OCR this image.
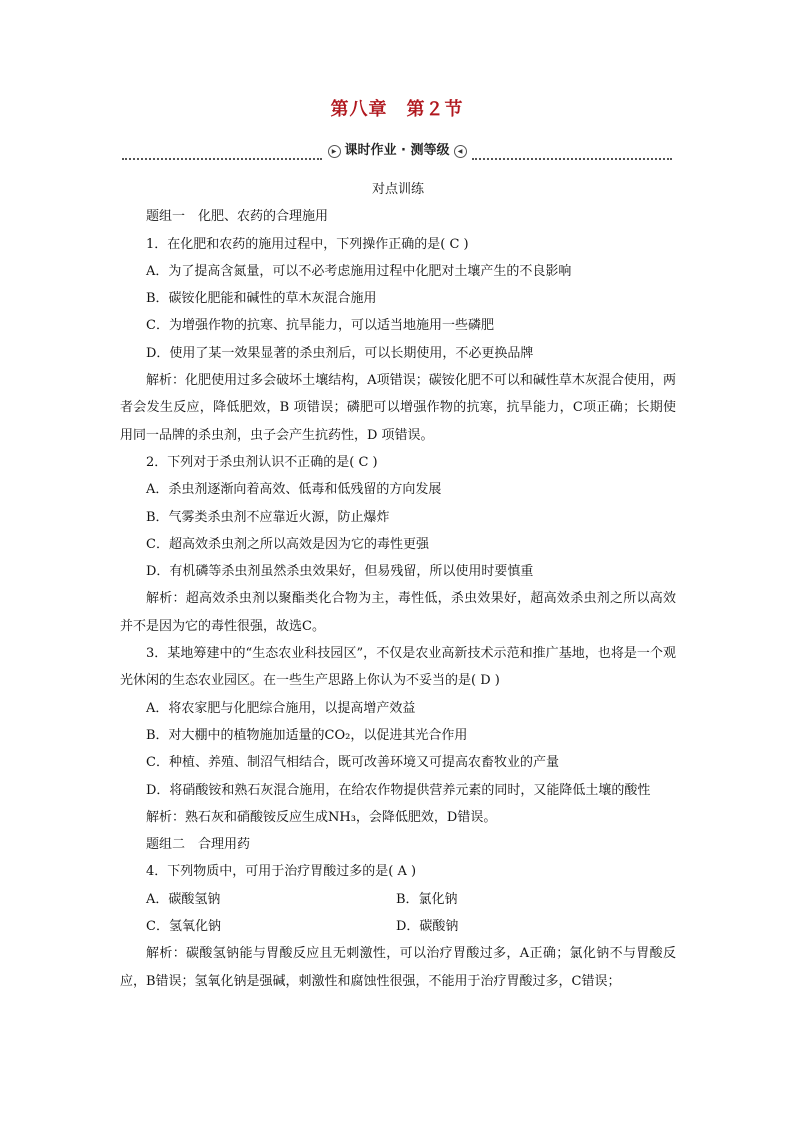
第八章　第２节
▶ 课时作业 · 测等级 ◀

对点训练

题组一　化肥、农药的合理施用

1．在化肥和农药的施用过程中，下列操作正确的是( C )

A．为了提高含氮量，可以不必考虑施用过程中化肥对土壤产生的不良影响

B．碳铵化肥能和碱性的草木灰混合施用

C．为增强作物的抗寒、抗旱能力，可以适当地施用一些磷肥

D．使用了某一效果显著的杀虫剂后，可以长期使用，不必更换品牌

解析：化肥使用过多会破坏土壤结构，A项错误；碳铵化肥不可以和碱性草木灰混合使用，两者会发生反应，降低肥效，B 项错误；磷肥可以增强作物的抗寒，抗旱能力，C项正确；长期使用同一品牌的杀虫剂，虫子会产生抗药性，D 项错误。

2．下列对于杀虫剂认识不正确的是( C )

A．杀虫剂逐渐向着高效、低毒和低残留的方向发展

B．气雾类杀虫剂不应靠近火源，防止爆炸

C．超高效杀虫剂之所以高效是因为它的毒性更强

D．有机磷等杀虫剂虽然杀虫效果好，但易残留，所以使用时要慎重

解析：超高效杀虫剂以聚酯类化合物为主，毒性低，杀虫效果好，超高效杀虫剂之所以高效并不是因为它的毒性很强，故选C。

3．某地筹建中的“生态农业科技园区”，不仅是农业高新技术示范和推广基地，也将是一个观光休闲的生态农业园区。在一些生产思路上你认为不妥当的是( D )

A．将农家肥与化肥综合施用，以提高增产效益

B．对大棚中的植物施加适量的CO₂，以促进其光合作用

C．种植、养殖、制沼气相结合，既可改善环境又可提高农畜牧业的产量

D．将硝酸铵和熟石灰混合施用，在给农作物提供营养元素的同时，又能降低土壤的酸性

解析：熟石灰和硝酸铵反应生成NH₃，会降低肥效，D错误。

题组二　合理用药

4．下列物质中，可用于治疗胃酸过多的是( A )

A．碳酸氢钠	B．氯化钠
C．氢氧化钠	D．碳酸钠

解析：碳酸氢钠能与胃酸反应且无刺激性，可以治疗胃酸过多，A正确；氯化钠不与胃酸反应，B错误；氢氧化钠是强碱，刺激性和腐蚀性很强，不能用于治疗胃酸过多，C错误；
